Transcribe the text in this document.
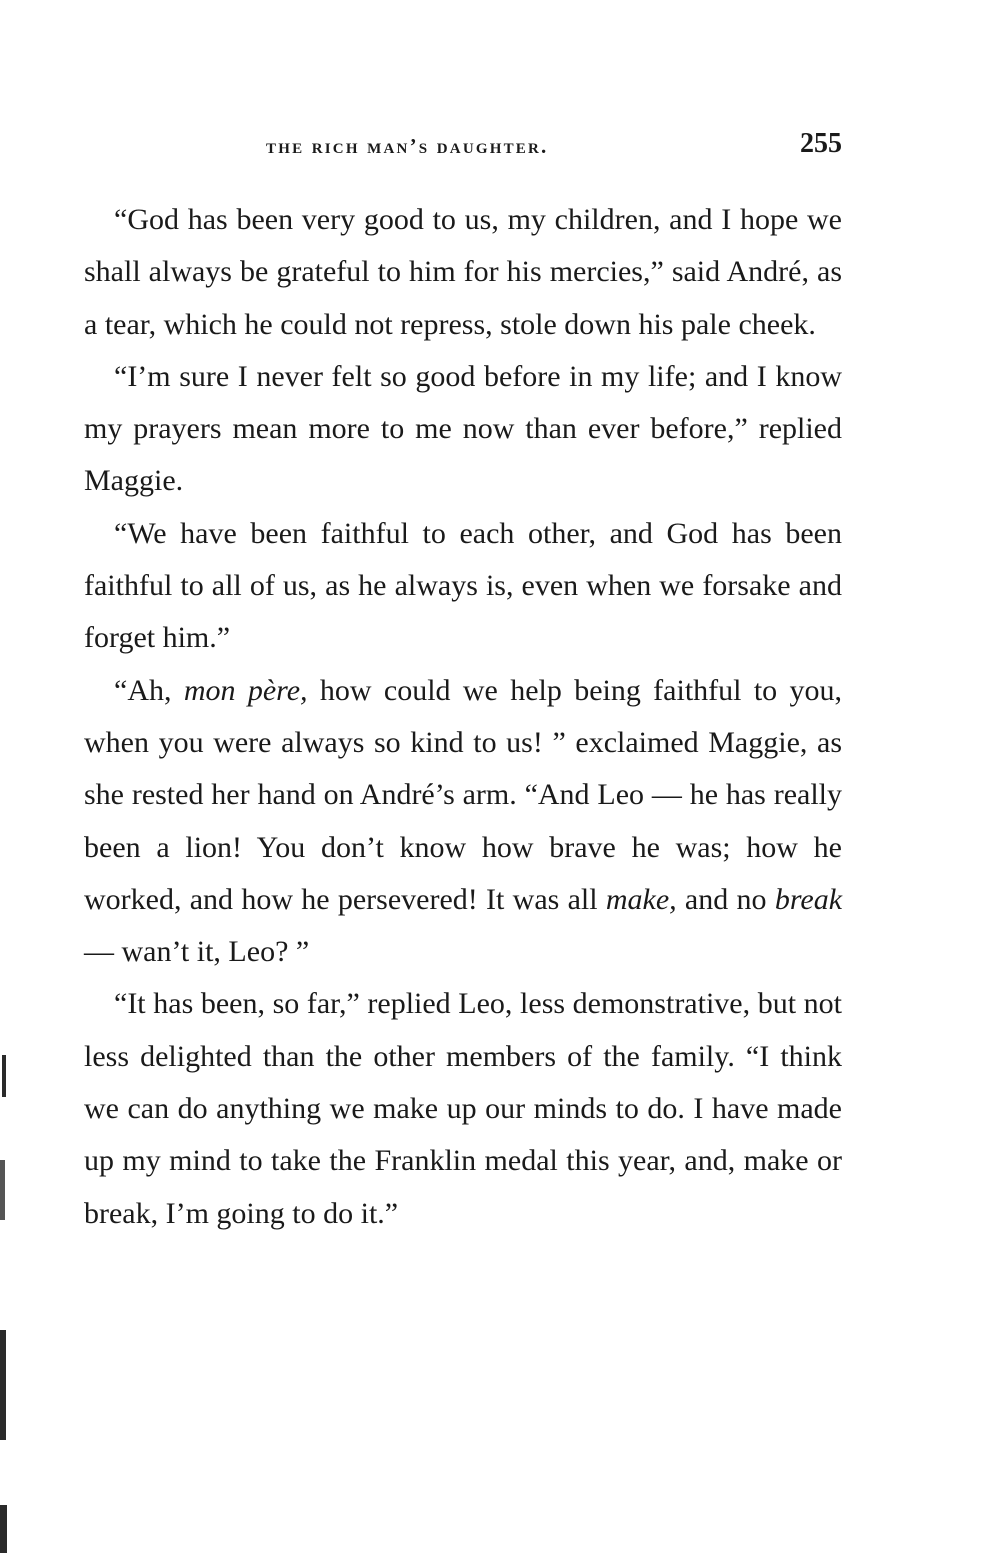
the rich man’s daughter.	255

“God has been very good to us, my children, and I hope we shall always be grateful to him for his mercies,” said André, as a tear, which he could not repress, stole down his pale cheek.

“I’m sure I never felt so good before in my life; and I know my prayers mean more to me now than ever before,” replied Maggie.

“We have been faithful to each other, and God has been faithful to all of us, as he always is, even when we forsake and forget him.”

“Ah, mon père, how could we help being faithful to you, when you were always so kind to us! ” exclaimed Maggie, as she rested her hand on André’s arm. “And Leo — he has really been a lion! You don’t know how brave he was; how he worked, and how he persevered! It was all make, and no break — wan’t it, Leo? ”

“It has been, so far,” replied Leo, less demonstrative, but not less delighted than the other members of the family. “I think we can do anything we make up our minds to do. I have made up my mind to take the Franklin medal this year, and, make or break, I’m going to do it.”
